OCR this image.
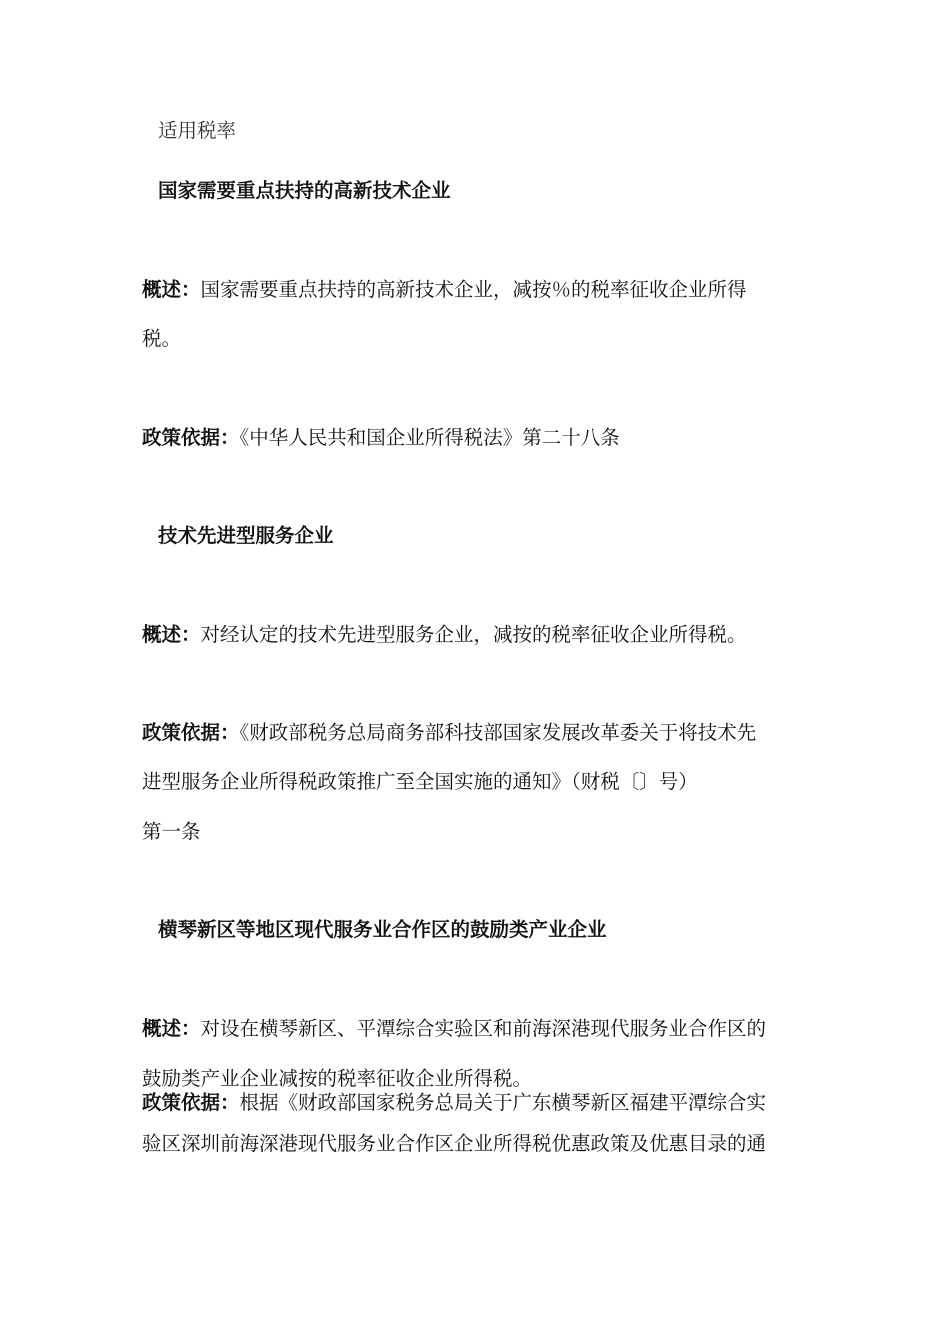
适用税率
国家需要重点扶持的高新技术企业
概述：国家需要重点扶持的高新技术企业，减按％的税率征收企业所得
税。
政策依据：《中华人民共和国企业所得税法》第二十八条
技术先进型服务企业
概述：对经认定的技术先进型服务企业，减按的税率征收企业所得税。
政策依据：《财政部税务总局商务部科技部国家发展改革委关于将技术先
进型服务企业所得税政策推广至全国实施的通知》（财税〔〕号）
第一条
横琴新区等地区现代服务业合作区的鼓励类产业企业
概述：对设在横琴新区、平潭综合实验区和前海深港现代服务业合作区的
鼓励类产业企业减按的税率征收企业所得税。
政策依据：根据《财政部国家税务总局关于广东横琴新区福建平潭综合实
验区深圳前海深港现代服务业合作区企业所得税优惠政策及优惠目录的通
